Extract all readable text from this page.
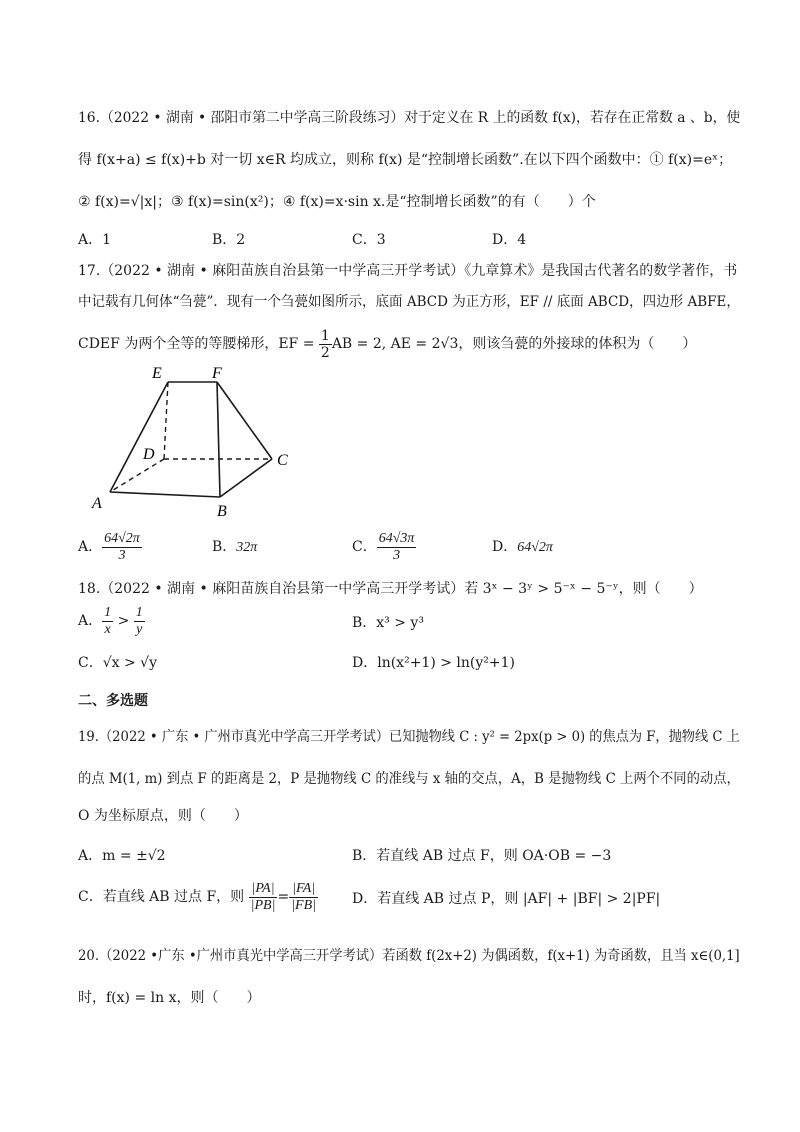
16.（2022 • 湖南 • 邵阳市第二中学高三阶段练习）对于定义在 R 上的函数 f(x)，若存在正常数 a 、b，使
得 f(x+a) ≤ f(x)+b 对一切 x∈R 均成立，则称 f(x) 是“控制增长函数”.在以下四个函数中：① f(x)=eˣ；
② f(x)=√|x|；③ f(x)=sin(x²)；④ f(x)=x·sin x.是“控制增长函数”的有（　　）个
A．1	B．2	C．3	D．4
17.（2022 • 湖南 • 麻阳苗族自治县第一中学高三开学考试）《九章算术》是我国古代著名的数学著作，书
中记载有几何体“刍甍”．现有一个刍甍如图所示，底面 ABCD 为正方形，EF // 底面 ABCD，四边形 ABFE，
CDEF 为两个全等的等腰梯形，EF = $\frac{1}{2}$ AB = 2, AE = 2√3，则该刍甍的外接球的体积为（　　）
E	F
D	C
A	B
A． $\frac{64√2\pi}{3}$	B．32π	C． $\frac{64√3\pi}{3}$	D．64√2π
18.（2022 • 湖南 • 麻阳苗族自治县第一中学高三开学考试）若 3ˣ − 3ʸ > 5⁻ˣ − 5⁻ʸ，则（　　）
A． $\frac{1}{x} > \frac{1}{y}$	B．x³ > y³
C．√x > √y	D．ln(x²+1) > ln(y²+1)
二、多选题
19.（2022 • 广东 • 广州市真光中学高三开学考试）已知抛物线 C : y² = 2px(p > 0) 的焦点为 F，抛物线 C 上
的点 M(1, m) 到点 F 的距离是 2，P 是抛物线 C 的准线与 x 轴的交点，A，B 是抛物线 C 上两个不同的动点，
O 为坐标原点，则（　　）
A．m = ±√2	B．若直线 AB 过点 F，则 OA·OB = −3
C．若直线 AB 过点 F，则 $\frac{|PA|}{|PB|} = \frac{|FA|}{|FB|}$ D．若直线 AB 过点 P，则 |AF| + |BF| > 2|PF|
20.（2022 •广东 •广州市真光中学高三开学考试）若函数 f(2x+2) 为偶函数，f(x+1) 为奇函数，且当 x∈(0,1]
时，f(x) = ln x，则（　　）
